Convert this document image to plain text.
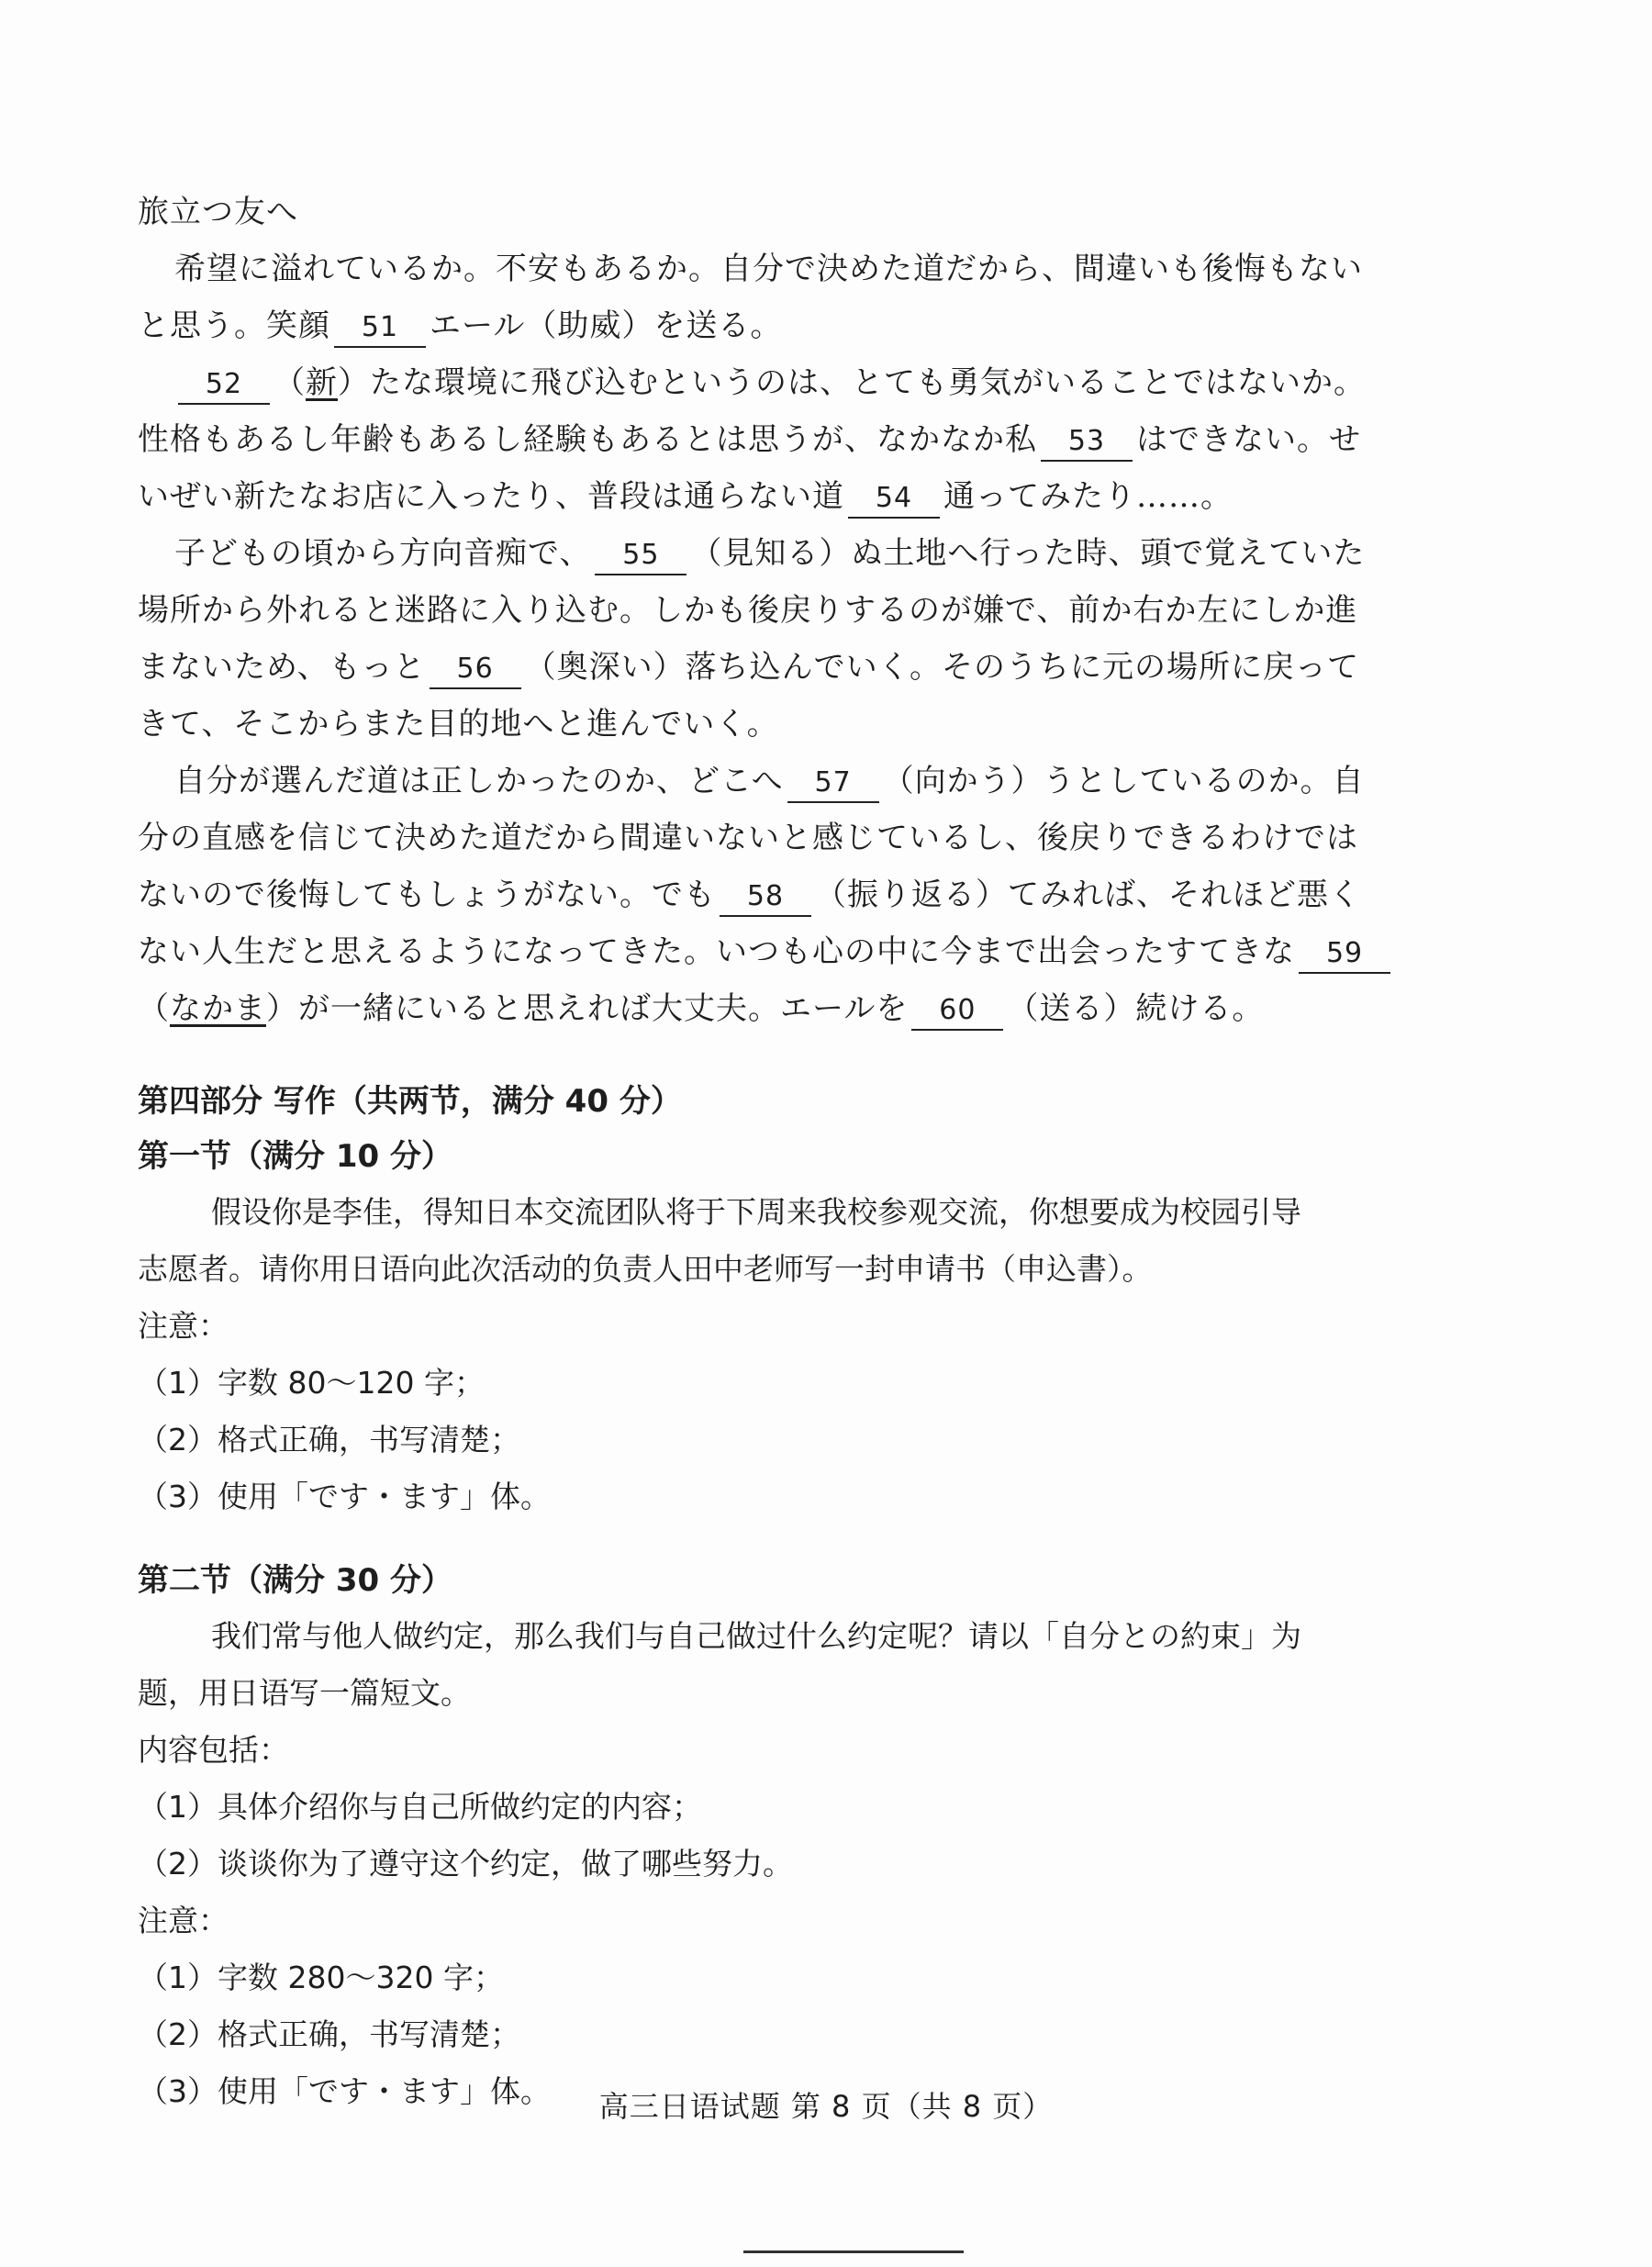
旅立つ友へ
希望に溢れているか。不安もあるか。自分で決めた道だから、間違いも後悔もない
と思う。笑顔 51 エール（助威）を送る。
52 （新）たな環境に飛び込むというのは、とても勇気がいることではないか。
性格もあるし年齢もあるし経験もあるとは思うが、なかなか私 53 はできない。せ
いぜい新たなお店に入ったり、普段は通らない道 54 通ってみたり……。
子どもの頃から方向音痴で、 55 （見知る）ぬ土地へ行った時、頭で覚えていた
場所から外れると迷路に入り込む。しかも後戻りするのが嫌で、前か右か左にしか進
まないため、もっと 56 （奥深い）落ち込んでいく。そのうちに元の場所に戻って
きて、そこからまた目的地へと進んでいく。
自分が選んだ道は正しかったのか、どこへ 57 （向かう）うとしているのか。自
分の直感を信じて決めた道だから間違いないと感じているし、後戻りできるわけでは
ないので後悔してもしょうがない。でも 58 （振り返る）てみれば、それほど悪く
ない人生だと思えるようになってきた。いつも心の中に今まで出会ったすてきな 59
（なかま）が一緒にいると思えれば大丈夫。エールを 60 （送る）続ける。
第四部分 写作（共两节，满分 40 分）
第一节（满分 10 分）
假设你是李佳，得知日本交流团队将于下周来我校参观交流，你想要成为校园引导
志愿者。请你用日语向此次活动的负责人田中老师写一封申请书（申込書）。
注意：
（1）字数 80～120 字；
（2）格式正确，书写清楚；
（3）使用「です・ます」体。
第二节（满分 30 分）
我们常与他人做约定，那么我们与自己做过什么约定呢？请以「自分との約束」为
题，用日语写一篇短文。
内容包括：
（1）具体介绍你与自己所做约定的内容；
（2）谈谈你为了遵守这个约定，做了哪些努力。
注意：
（1）字数 280～320 字；
（2）格式正确，书写清楚；
（3）使用「です・ます」体。	高三日语试题 第 8 页（共 8 页）
